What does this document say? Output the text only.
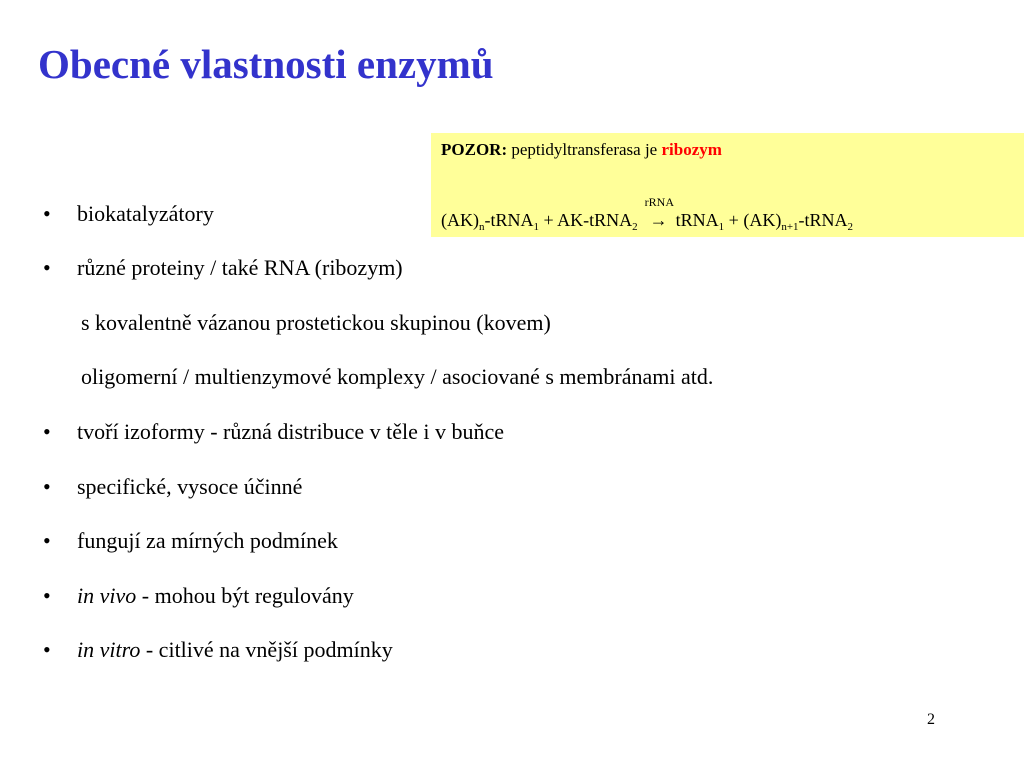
Obecné vlastnosti enzymů
POZOR: peptidyltransferasa je ribozym
$(AK)_n-tRNA_1$ + AK-tRNA$_2$
rRNA
→ tRNA$_1$ + $(AK)_{n+1}-tRNA_2$
• biokatalyzátory
• různé proteiny / také RNA (ribozym)
s kovalentně vázanou prostetickou skupinou (kovem)
oligomerní / multienzymové komplexy / asociované s membránami atd.
• tvoří izoformy - různá distribuce v těle i v buňce
• specifické, vysoce účinné
• fungují za mírných podmínek
• in vivo - mohou být regulovány
• in vitro - citlivé na vnější podmínky
2
